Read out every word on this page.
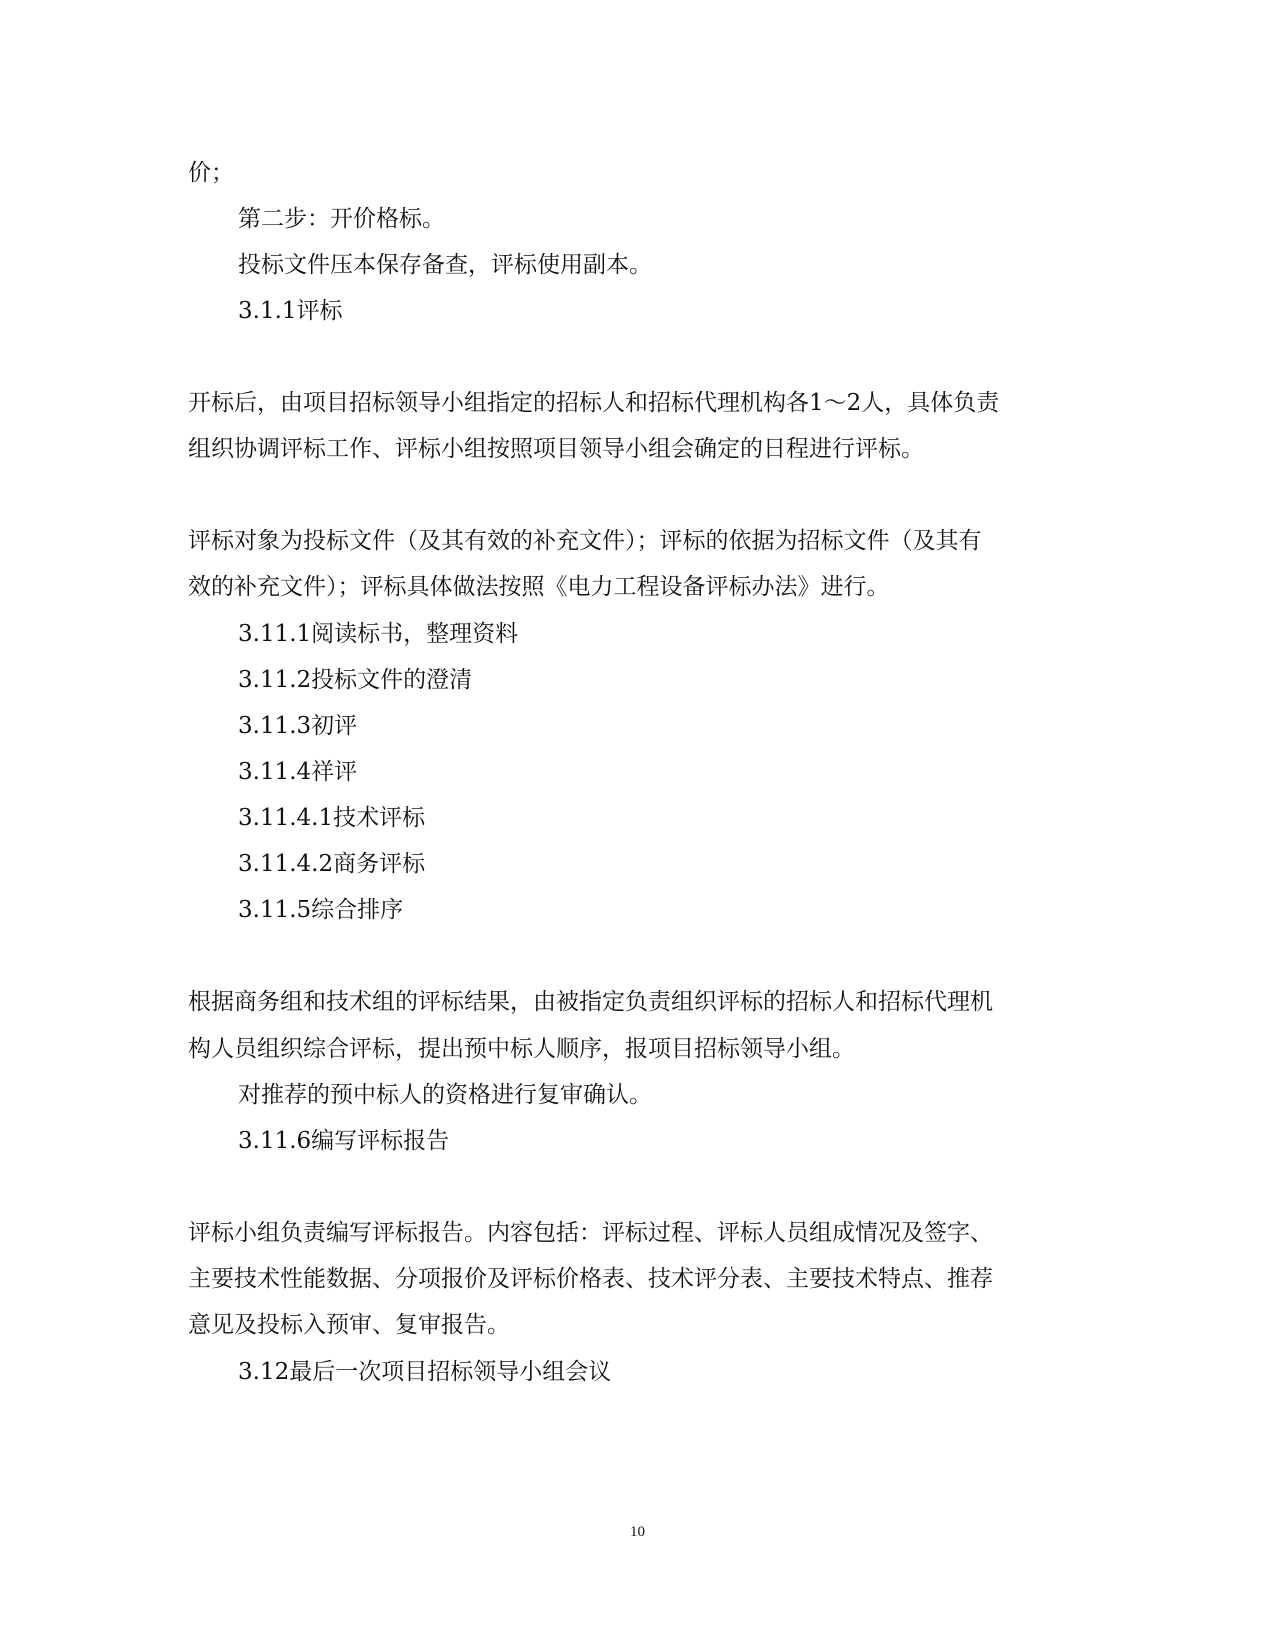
价；
第二步：开价格标。
投标文件压本保存备查，评标使用副本。
3.1.1评标
开标后，由项目招标领导小组指定的招标人和招标代理机构各1～2人，具体负责
组织协调评标工作、评标小组按照项目领导小组会确定的日程进行评标。
评标对象为投标文件（及其有效的补充文件）；评标的依据为招标文件（及其有
效的补充文件）；评标具体做法按照《电力工程设备评标办法》进行。
3.11.1阅读标书，整理资料
3.11.2投标文件的澄清
3.11.3初评
3.11.4祥评
3.11.4.1技术评标
3.11.4.2商务评标
3.11.5综合排序
根据商务组和技术组的评标结果，由被指定负责组织评标的招标人和招标代理机
构人员组织综合评标，提出预中标人顺序，报项目招标领导小组。
对推荐的预中标人的资格进行复审确认。
3.11.6编写评标报告
评标小组负责编写评标报告。内容包括：评标过程、评标人员组成情况及签字、
主要技术性能数据、分项报价及评标价格表、技术评分表、主要技术特点、推荐
意见及投标入预审、复审报告。
3.12最后一次项目招标领导小组会议
10
